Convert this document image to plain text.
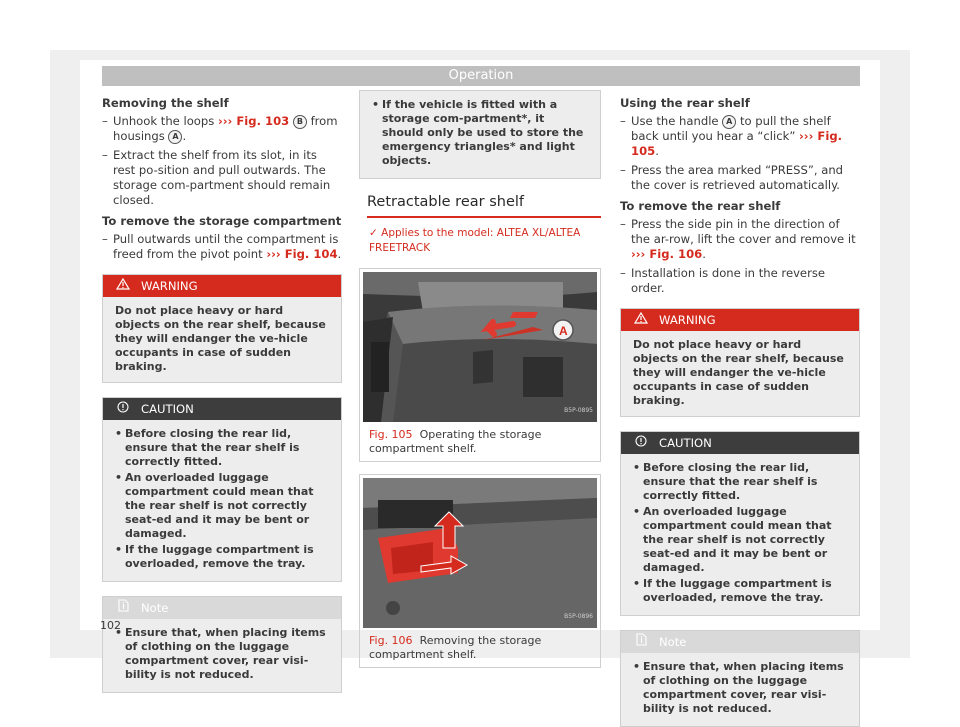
Operation
Removing the shelf
– Unhook the loops ››› Fig. 103 B from housings A .
– Extract the shelf from its slot, in its rest po-sition and pull outwards. The storage com-partment should remain closed.
To remove the storage compartment
– Pull outwards until the compartment is freed from the pivot point ››› Fig. 104.
WARNING
Do not place heavy or hard objects on the rear shelf, because they will endanger the ve-hicle occupants in case of sudden braking.
CAUTION
• Before closing the rear lid, ensure that the rear shelf is correctly fitted.
• An overloaded luggage compartment could mean that the rear shelf is not correctly seat-ed and it may be bent or damaged.
• If the luggage compartment is overloaded, remove the tray.
Note
• Ensure that, when placing items of clothing on the luggage compartment cover, rear visi-bility is not reduced.
• If the vehicle is fitted with a storage com-partment*, it should only be used to store the emergency triangles* and light objects.
Retractable rear shelf
✓ Applies to the model: ALTEA XL/ALTEA FREETRACK
A
B5P-0895
Fig. 105 Operating the storage compartment shelf.
B5P-0896
Fig. 106 Removing the storage compartment shelf.
Using the rear shelf
– Use the handle A to pull the shelf back until you hear a “click” ››› Fig. 105.
– Press the area marked “PRESS”, and the cover is retrieved automatically.
To remove the rear shelf
– Press the side pin in the direction of the ar-row, lift the cover and remove it ››› Fig. 106.
– Installation is done in the reverse order.
WARNING
Do not place heavy or hard objects on the rear shelf, because they will endanger the ve-hicle occupants in case of sudden braking.
CAUTION
• Before closing the rear lid, ensure that the rear shelf is correctly fitted.
• An overloaded luggage compartment could mean that the rear shelf is not correctly seat-ed and it may be bent or damaged.
• If the luggage compartment is overloaded, remove the tray.
Note
• Ensure that, when placing items of clothing on the luggage compartment cover, rear visi-bility is not reduced.
102
